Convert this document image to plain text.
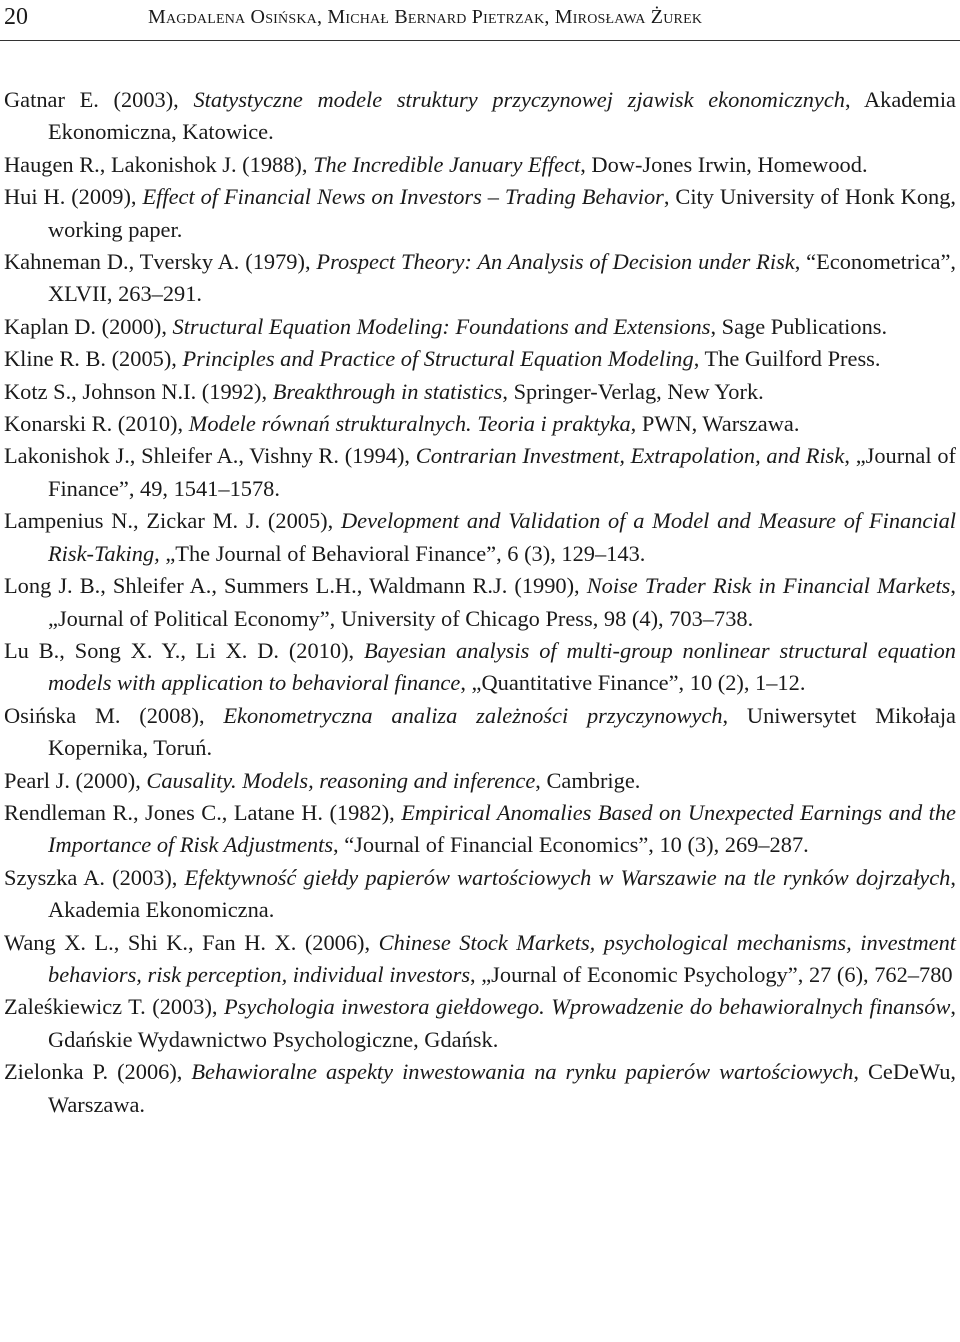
20	Magdalena Osińska, Michał Bernard Pietrzak, Mirosława Żurek
Gatnar E. (2003), Statystyczne modele struktury przyczynowej zjawisk ekonomicznych, Akademia Ekonomiczna, Katowice.
Haugen R., Lakonishok J. (1988), The Incredible January Effect, Dow-Jones Irwin, Homewood.
Hui H. (2009), Effect of Financial News on Investors – Trading Behavior, City University of Honk Kong, working paper.
Kahneman D., Tversky A. (1979), Prospect Theory: An Analysis of Decision under Risk, “Econometrica”, XLVII, 263–291.
Kaplan D. (2000), Structural Equation Modeling: Foundations and Extensions, Sage Publications.
Kline R. B. (2005), Principles and Practice of Structural Equation Modeling, The Guilford Press.
Kotz S., Johnson N.I. (1992), Breakthrough in statistics, Springer-Verlag, New York.
Konarski R. (2010), Modele równań strukturalnych. Teoria i praktyka, PWN, Warszawa.
Lakonishok J., Shleifer A., Vishny R. (1994), Contrarian Investment, Extrapolation, and Risk, „Journal of Finance”, 49, 1541–1578.
Lampenius N., Zickar M. J. (2005), Development and Validation of a Model and Measure of Financial Risk-Taking, „The Journal of Behavioral Finance”, 6 (3), 129–143.
Long J. B., Shleifer A., Summers L.H., Waldmann R.J. (1990), Noise Trader Risk in Financial Markets, „Journal of Political Economy”, University of Chicago Press, 98 (4), 703–738.
Lu B., Song X. Y., Li X. D. (2010), Bayesian analysis of multi-group nonlinear structural equation models with application to behavioral finance, „Quantitative Finance”, 10 (2), 1–12.
Osińska M. (2008), Ekonometryczna analiza zależności przyczynowych, Uniwersytet Mikołaja Kopernika, Toruń.
Pearl J. (2000), Causality. Models, reasoning and inference, Cambrige.
Rendleman R., Jones C., Latane H. (1982), Empirical Anomalies Based on Unexpected Earnings and the Importance of Risk Adjustments, “Journal of Financial Economics”, 10 (3), 269–287.
Szyszka A. (2003), Efektywność giełdy papierów wartościowych w Warszawie na tle rynków dojrzałych, Akademia Ekonomiczna.
Wang X. L., Shi K., Fan H. X. (2006), Chinese Stock Markets, psychological mechanisms, investment behaviors, risk perception, individual investors, „Journal of Economic Psychology”, 27 (6), 762–780
Zaleśkiewicz T. (2003), Psychologia inwestora giełdowego. Wprowadzenie do behawioralnych finansów, Gdańskie Wydawnictwo Psychologiczne, Gdańsk.
Zielonka P. (2006), Behawioralne aspekty inwestowania na rynku papierów wartościowych, CeDeWu, Warszawa.
